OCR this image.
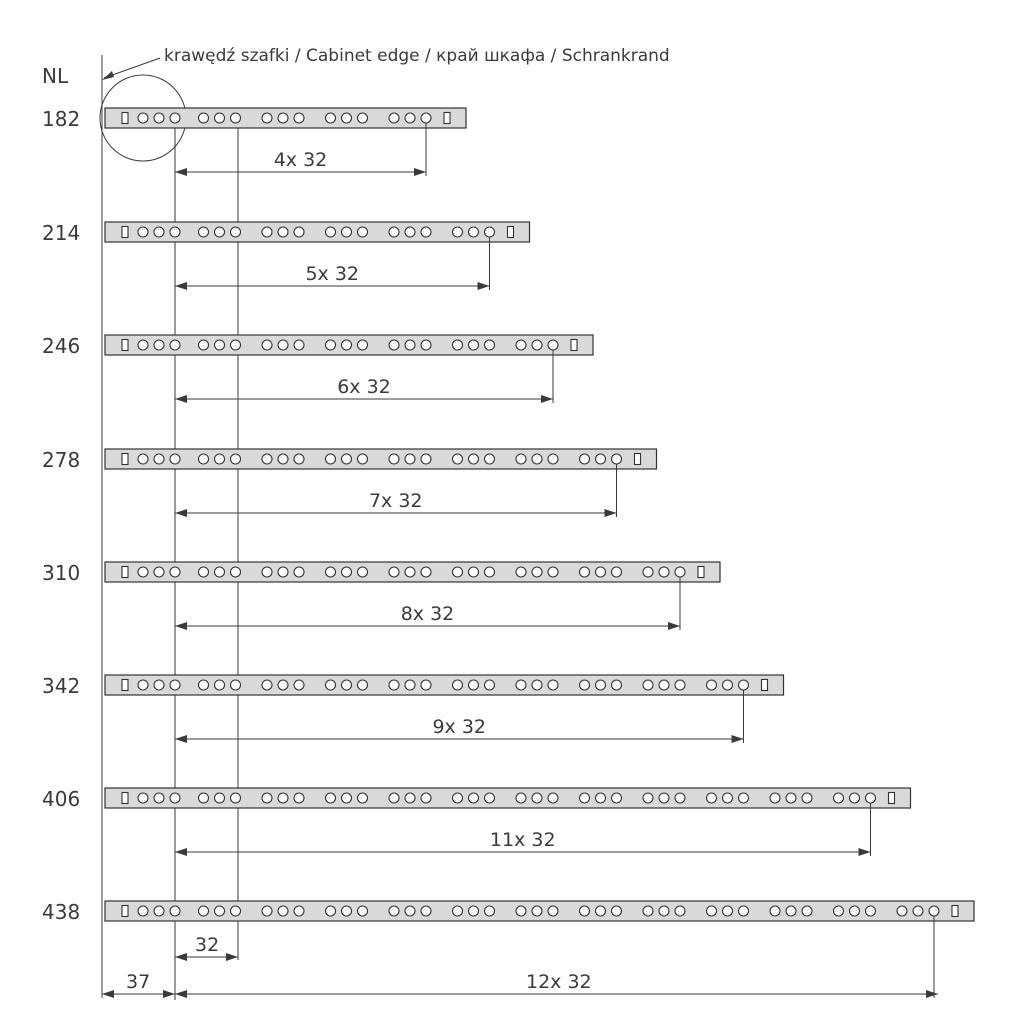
NL
krawędź szafki / Cabinet edge / край шкафа / Schrankrand
182
4x 32
214
5x 32
246
6x 32
278
7x 32
310
8x 32
342
9x 32
406
11x 32
438
32
37	12x 32
